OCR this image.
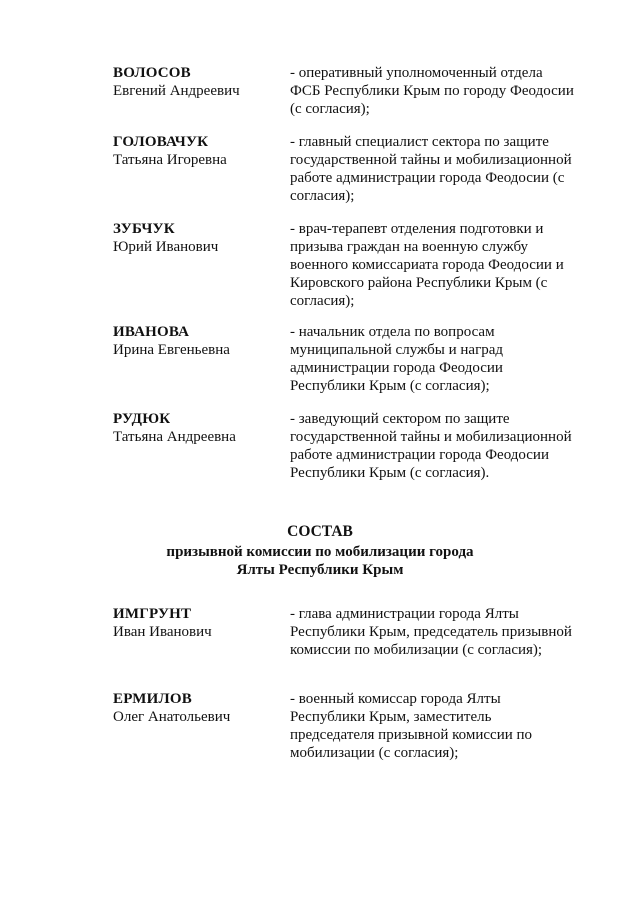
ВОЛОСОВ
Евгений Андреевич
- оперативный уполномоченный отдела ФСБ Республики Крым по городу Феодосии (с согласия);
ГОЛОВАЧУК
Татьяна Игоревна
- главный специалист сектора по защите государственной тайны и мобилизационной работе администрации города Феодосии (с согласия);
ЗУБЧУК
Юрий Иванович
- врач-терапевт отделения подготовки и призыва граждан на военную службу военного комиссариата города Феодосии и Кировского района Республики Крым (с согласия);
ИВАНОВА
Ирина Евгеньевна
- начальник отдела по вопросам муниципальной службы и наград администрации города Феодосии Республики Крым (с согласия);
РУДЮК
Татьяна Андреевна
- заведующий сектором по защите государственной тайны и мобилизационной работе администрации города Феодосии Республики Крым (с согласия).
СОСТАВ
призывной комиссии по мобилизации города
Ялты Республики Крым
ИМГРУНТ
Иван Иванович
- глава администрации города Ялты Республики Крым, председатель призывной комиссии по мобилизации (с согласия);
ЕРМИЛОВ
Олег Анатольевич
- военный комиссар города Ялты Республики Крым, заместитель председателя призывной комиссии по мобилизации (с согласия);
